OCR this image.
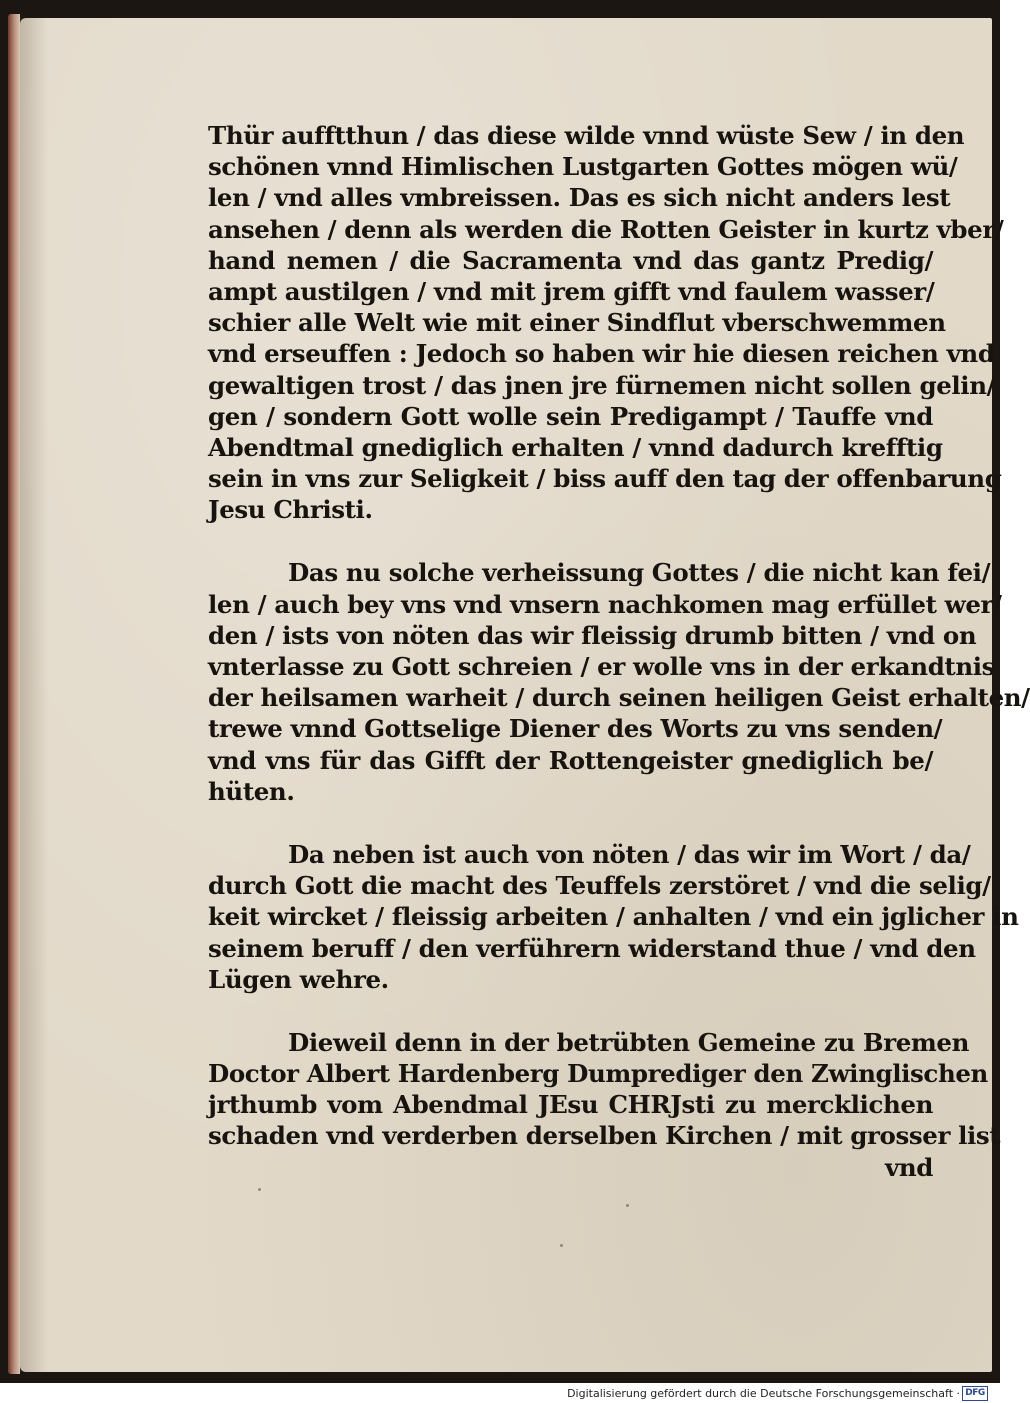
Thür aufftthun / das diese wilde vnnd wüste Sew / in den
schönen vnnd Himlischen Lustgarten Gottes mögen wü/
len / vnd alles vmbreissen. Das es sich nicht anders lest
ansehen / denn als werden die Rotten Geister in kurtz vber/
hand nemen / die Sacramenta vnd das gantz Predig/
ampt austilgen / vnd mit jrem gifft vnd faulem wasser/
schier alle Welt wie mit einer Sindflut vberschwemmen
vnd erseuffen : Jedoch so haben wir hie diesen reichen vnd
gewaltigen trost / das jnen jre fürnemen nicht sollen gelin/
gen / sondern Gott wolle sein Predigampt / Tauffe vnd
Abendtmal gnediglich erhalten / vnnd dadurch krefftig
sein in vns zur Seligkeit / biss auff den tag der offenbarung
Jesu Christi.
Das nu solche verheissung Gottes / die nicht kan fei/
len / auch bey vns vnd vnsern nachkomen mag erfüllet wer/
den / ists von nöten das wir fleissig drumb bitten / vnd on
vnterlasse zu Gott schreien / er wolle vns in der erkandtnis
der heilsamen warheit / durch seinen heiligen Geist erhalten/
trewe vnnd Gottselige Diener des Worts zu vns senden/
vnd vns für das Gifft der Rottengeister gnediglich be/
hüten.
Da neben ist auch von nöten / das wir im Wort / da/
durch Gott die macht des Teuffels zerstöret / vnd die selig/
keit wircket / fleissig arbeiten / anhalten / vnd ein jglicher in
seinem beruff / den verführern widerstand thue / vnd den
Lügen wehre.
Dieweil denn in der betrübten Gemeine zu Bremen
Doctor Albert Hardenberg Dumprediger den Zwinglischen
jrthumb vom Abendmal JEsu CHRJsti zu mercklichen
schaden vnd verderben derselben Kirchen / mit grosser list
vnd
Digitalisierung gefördert durch die Deutsche Forschungsgemeinschaft · DFG
